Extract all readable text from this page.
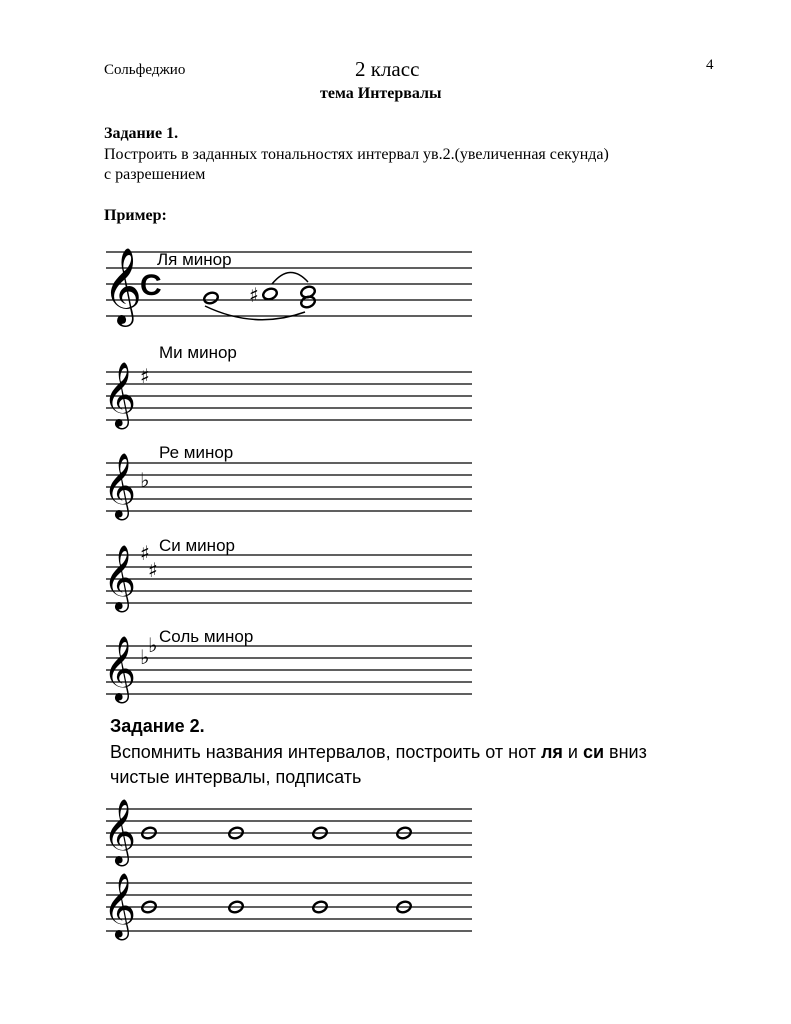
Сольфеджио	2 класс	4
тема Интервалы
Задание 1.
Построить в заданных тональностях интервал ув.2.(увеличенная секунда)
с разрешением
Пример:
𝄞
C
Ля минор
♯
𝄞 ♯
Ми минор
𝄞 ♭
Ре минор
𝄞 ♯
♯
Си минор
𝄞 ♭
♭ Соль минор
𝄞
𝄞
Задание 2.
Вспомнить названия интервалов, построить от нот ля и си вниз
чистые интервалы, подписать
